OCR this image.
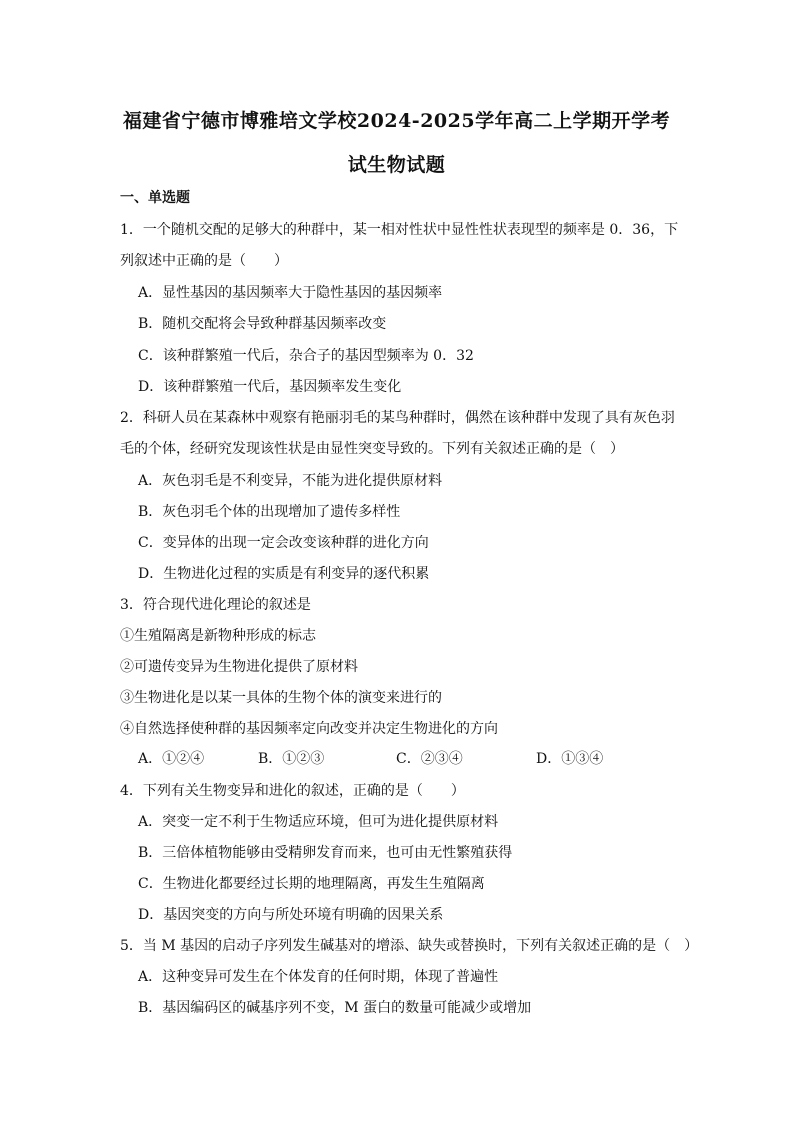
福建省宁德市博雅培文学校2024-2025学年高二上学期开学考
试生物试题
一、单选题
1．一个随机交配的足够大的种群中，某一相对性状中显性性状表现型的频率是 0．36，下
列叙述中正确的是（　　）
A．显性基因的基因频率大于隐性基因的基因频率
B．随机交配将会导致种群基因频率改变
C．该种群繁殖一代后，杂合子的基因型频率为 0．32
D．该种群繁殖一代后，基因频率发生变化
2．科研人员在某森林中观察有艳丽羽毛的某鸟种群时，偶然在该种群中发现了具有灰色羽
毛的个体，经研究发现该性状是由显性突变导致的。下列有关叙述正确的是（　）
A．灰色羽毛是不利变异，不能为进化提供原材料
B．灰色羽毛个体的出现增加了遗传多样性
C．变异体的出现一定会改变该种群的进化方向
D．生物进化过程的实质是有利变异的逐代积累
3．符合现代进化理论的叙述是
①生殖隔离是新物种形成的标志
②可遗传变异为生物进化提供了原材料
③生物进化是以某一具体的生物个体的演变来进行的
④自然选择使种群的基因频率定向改变并决定生物进化的方向
A．①②④	B．①②③	C．②③④	D．①③④
4．下列有关生物变异和进化的叙述，正确的是（　　）
A．突变一定不利于生物适应环境，但可为进化提供原材料
B．三倍体植物能够由受精卵发育而来，也可由无性繁殖获得
C．生物进化都要经过长期的地理隔离，再发生生殖隔离
D．基因突变的方向与所处环境有明确的因果关系
5．当 M 基因的启动子序列发生碱基对的增添、缺失或替换时，下列有关叙述正确的是（　）
A．这种变异可发生在个体发育的任何时期，体现了普遍性
B．基因编码区的碱基序列不变，M 蛋白的数量可能减少或增加
